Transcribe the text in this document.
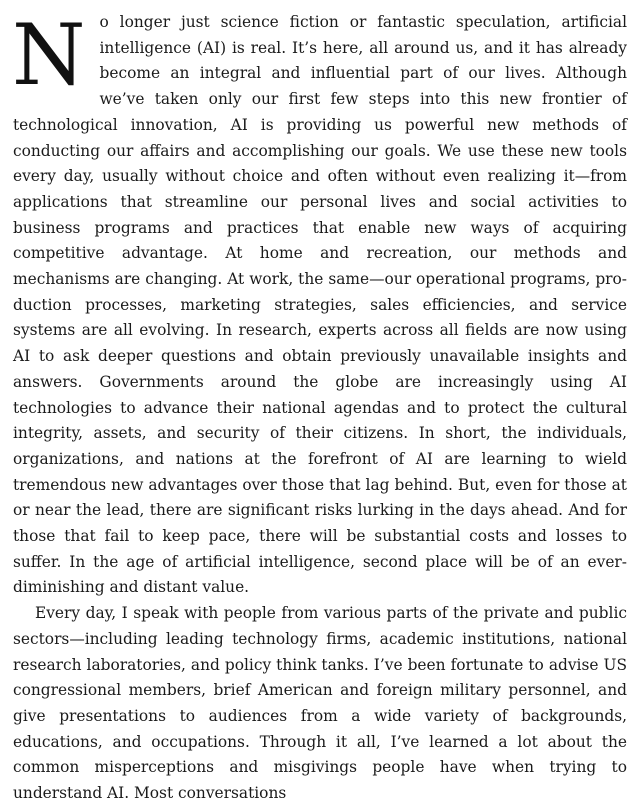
No longer just science fiction or fantastic speculation, artificial intelligence (AI) is real. It’s here, all around us, and it has already become an integral and influential part of our lives. Although we’ve taken only our first few steps into this new frontier of technological innovation, AI is providing us powerful new methods of conducting our affairs and accomplishing our goals. We use these new tools every day, usually without choice and often without even realizing it—from applications that streamline our personal lives and social activities to business programs and practices that enable new ways of acquiring competitive advantage. At home and recreation, our methods and mechanisms are changing. At work, the same—our operational programs, production processes, marketing strategies, sales efficiencies, and service systems are all evolving. In research, experts across all fields are now using AI to ask deeper questions and obtain previously unavailable insights and answers. Governments around the globe are increasingly using AI technologies to advance their national agendas and to protect the cultural integrity, assets, and security of their citizens. In short, the individuals, organizations, and nations at the forefront of AI are learning to wield tremendous new advantages over those that lag behind. But, even for those at or near the lead, there are significant risks lurking in the days ahead. And for those that fail to keep pace, there will be substantial costs and losses to suffer. In the age of artificial intelligence, second place will be of an ever-diminishing and distant value.

Every day, I speak with people from various parts of the private and public sectors—including leading technology firms, academic institutions, national research laboratories, and policy think tanks. I’ve been fortunate to advise US congressional members, brief American and foreign military personnel, and give presentations to audiences from a wide variety of backgrounds, educations, and occupations. Through it all, I’ve learned a lot about the common misperceptions and misgivings people have when trying to understand AI. Most conversations
